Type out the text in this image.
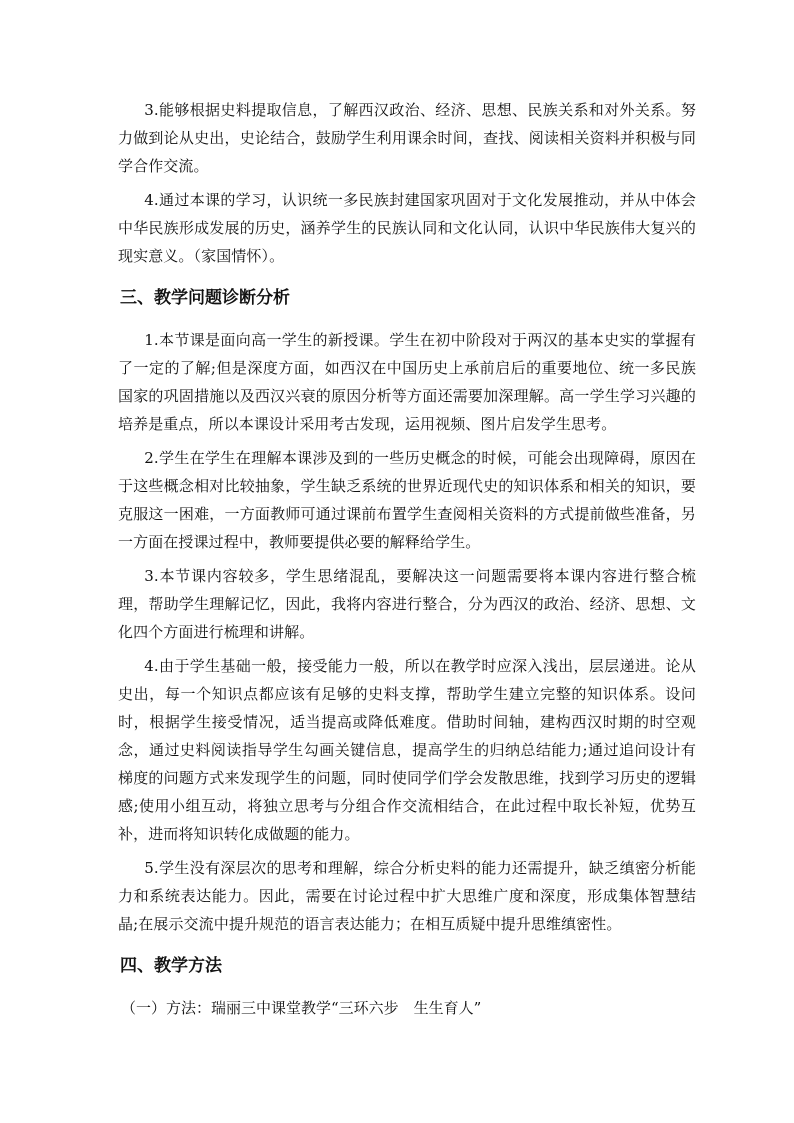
3.能够根据史料提取信息，了解西汉政治、经济、思想、民族关系和对外关系。努力做到论从史出，史论结合，鼓励学生利用课余时间，查找、阅读相关资料并积极与同学合作交流。

4.通过本课的学习，认识统一多民族封建国家巩固对于文化发展推动，并从中体会中华民族形成发展的历史，涵养学生的民族认同和文化认同，认识中华民族伟大复兴的现实意义。（家国情怀）。

三、教学问题诊断分析

1.本节课是面向高一学生的新授课。学生在初中阶段对于两汉的基本史实的掌握有了一定的了解;但是深度方面，如西汉在中国历史上承前启后的重要地位、统一多民族国家的巩固措施以及西汉兴衰的原因分析等方面还需要加深理解。高一学生学习兴趣的培养是重点，所以本课设计采用考古发现，运用视频、图片启发学生思考。

2.学生在学生在理解本课涉及到的一些历史概念的时候，可能会出现障碍，原因在于这些概念相对比较抽象，学生缺乏系统的世界近现代史的知识体系和相关的知识，要克服这一困难，一方面教师可通过课前布置学生查阅相关资料的方式提前做些准备，另一方面在授课过程中，教师要提供必要的解释给学生。

3.本节课内容较多，学生思绪混乱，要解决这一问题需要将本课内容进行整合梳理，帮助学生理解记忆，因此，我将内容进行整合，分为西汉的政治、经济、思想、文化四个方面进行梳理和讲解。

4.由于学生基础一般，接受能力一般，所以在教学时应深入浅出，层层递进。论从史出，每一个知识点都应该有足够的史料支撑，帮助学生建立完整的知识体系。设问时，根据学生接受情况，适当提高或降低难度。借助时间轴，建构西汉时期的时空观念，通过史料阅读指导学生勾画关键信息，提高学生的归纳总结能力;通过追问设计有梯度的问题方式来发现学生的问题，同时使同学们学会发散思维，找到学习历史的逻辑感;使用小组互动，将独立思考与分组合作交流相结合，在此过程中取长补短，优势互补，进而将知识转化成做题的能力。

5.学生没有深层次的思考和理解，综合分析史料的能力还需提升，缺乏缜密分析能力和系统表达能力。因此，需要在讨论过程中扩大思维广度和深度，形成集体智慧结晶;在展示交流中提升规范的语言表达能力；在相互质疑中提升思维缜密性。

四、教学方法

（一）方法：瑞丽三中课堂教学“三环六步　生生育人”
